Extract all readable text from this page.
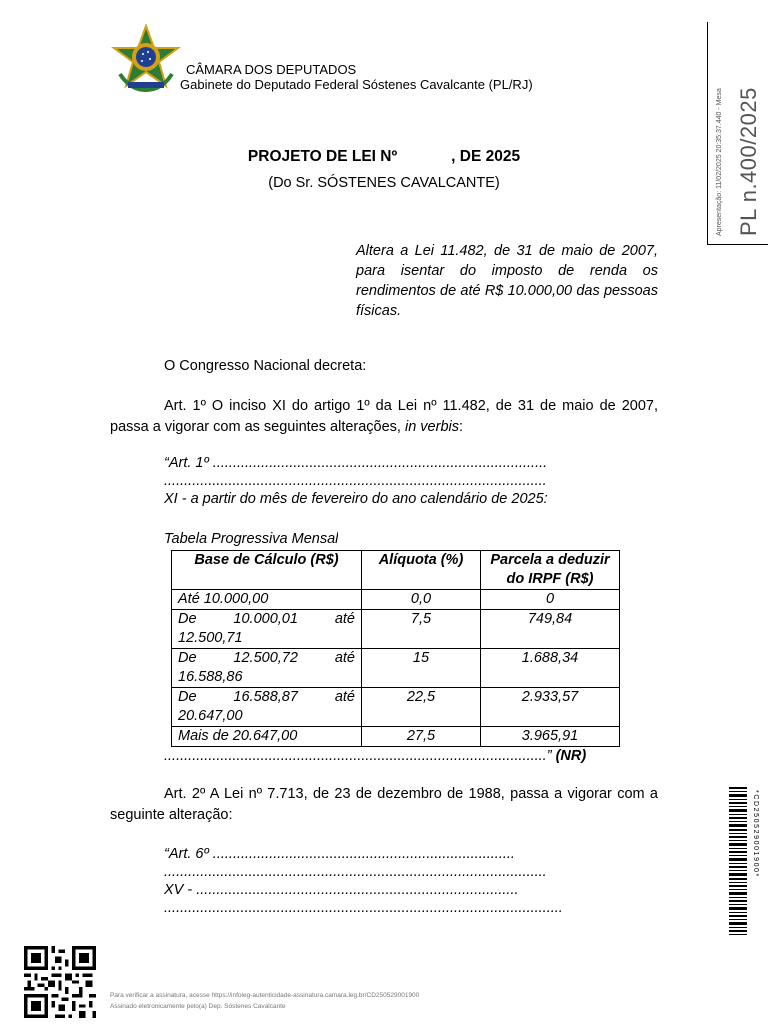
CÂMARA DOS DEPUTADOS
Gabinete do Deputado Federal Sóstenes Cavalcante (PL/RJ)
Apresentação: 11/02/2025 20:35:37.440 - Mesa PL n.400/2025
PROJETO DE LEI Nº	, DE 2025
(Do Sr. SÓSTENES CAVALCANTE)
Altera a Lei 11.482, de 31 de maio de 2007, para isentar do imposto de renda os rendimentos de até R$ 10.000,00 das pessoas físicas.
O Congresso Nacional decreta:
Art. 1º O inciso XI do artigo 1º da Lei nº 11.482, de 31 de maio de 2007, passa a vigorar com as seguintes alterações, in verbis:
“Art. 1º ...................................................................................
...............................................................................................
XI - a partir do mês de fevereiro do ano calendário de 2025:
Tabela Progressiva Mensal
Base de Cálculo (R$)	Alíquota (%)	Parcela a deduzir do IRPF (R$)
Até 10.000,00	0,0	0

De 10.000,01 até
12.500,71	7,5	749,84

De 12.500,72 até
16.588,86	15	1.688,34

De 16.588,87 até
20.647,00	22,5	2.933,57
Mais de 20.647,00	27,5	3.965,91
...............................................................................................” (NR)
Art. 2º A Lei nº 7.713, de 23 de dezembro de 1988, passa a vigorar com a seguinte alteração:
“Art. 6º ...........................................................................
...............................................................................................
XV - ................................................................................
...................................................................................................
*CD250529001900*
Para verificar a assinatura, acesse https://infoleg-autenticidade-assinatura.camara.leg.br/CD250529001900
Assinado eletronicamente pelo(a) Dep. Sóstenes Cavalcante
